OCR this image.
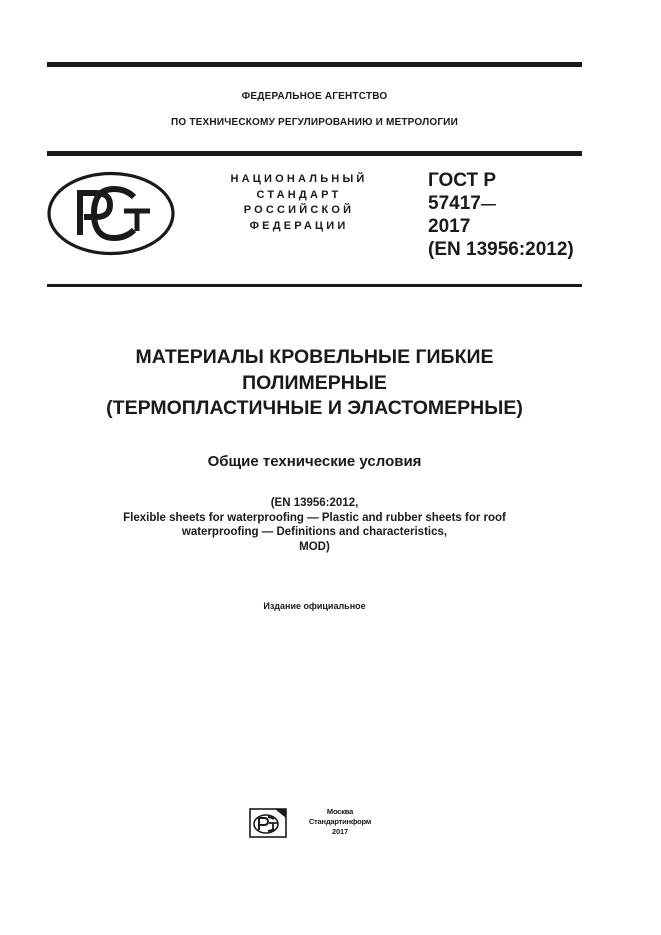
ФЕДЕРАЛЬНОЕ АГЕНТСТВО
ПО ТЕХНИЧЕСКОМУ РЕГУЛИРОВАНИЮ И МЕТРОЛОГИИ
НАЦИОНАЛЬНЫЙ
СТАНДАРТ
РОССИЙСКОЙ
ФЕДЕРАЦИИ
ГОСТ Р
57417—
2017
(EN 13956:2012)
МАТЕРИАЛЫ КРОВЕЛЬНЫЕ ГИБКИЕ
ПОЛИМЕРНЫЕ
(ТЕРМОПЛАСТИЧНЫЕ И ЭЛАСТОМЕРНЫЕ)
Общие технические условия
(EN 13956:2012,
Flexible sheets for waterproofing — Plastic and rubber sheets for roof
waterproofing — Definitions and characteristics,
MOD)
Издание официальное
Москва
Стандартинформ
2017
